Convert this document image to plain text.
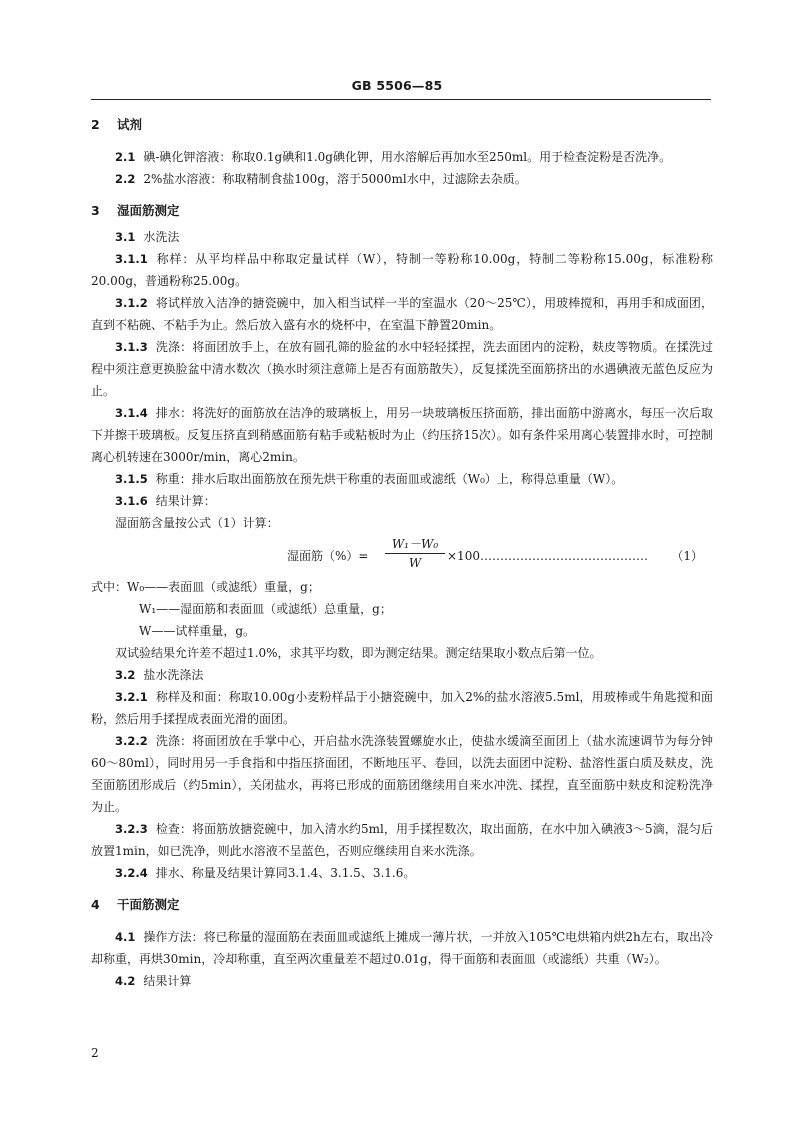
GB 5506—85

2 试剂

2.1 碘-碘化钾溶液：称取0.1g碘和1.0g碘化钾，用水溶解后再加水至250ml。用于检查淀粉是否洗净。

2.2 2%盐水溶液：称取精制食盐100g，溶于5000ml水中，过滤除去杂质。

3 湿面筋测定

3.1 水洗法

3.1.1 称样：从平均样品中称取定量试样（W），特制一等粉称10.00g，特制二等粉称15.00g，标准粉称20.00g，普通粉称25.00g。

3.1.2 将试样放入洁净的搪瓷碗中，加入相当试样一半的室温水（20～25℃），用玻棒搅和，再用手和成面团，直到不粘碗、不粘手为止。然后放入盛有水的烧杯中，在室温下静置20min。

3.1.3 洗涤：将面团放手上，在放有圆孔筛的脸盆的水中轻轻揉捏，洗去面团内的淀粉，麸皮等物质。在揉洗过程中须注意更换脸盆中清水数次（换水时须注意筛上是否有面筋散失），反复揉洗至面筋挤出的水遇碘液无蓝色反应为止。

3.1.4 排水：将洗好的面筋放在洁净的玻璃板上，用另一块玻璃板压挤面筋，排出面筋中游离水，每压一次后取下并擦干玻璃板。反复压挤直到稍感面筋有粘手或粘板时为止（约压挤15次）。如有条件采用离心装置排水时，可控制离心机转速在3000r/min，离心2min。

3.1.5 称重：排水后取出面筋放在预先烘干称重的表面皿或滤纸（W₀）上，称得总重量（W）。

3.1.6 结果计算：

湿面筋含量按公式（1）计算：

湿面筋（%）=
W₁－W₀
W	×100…………………………………… （1）

式中：W₀——表面皿（或滤纸）重量，g；

W₁——湿面筋和表面皿（或滤纸）总重量，g；

W——试样重量，g。

双试验结果允许差不超过1.0%，求其平均数，即为测定结果。测定结果取小数点后第一位。

3.2 盐水洗涤法

3.2.1 称样及和面：称取10.00g小麦粉样品于小搪瓷碗中，加入2%的盐水溶液5.5ml，用玻棒或牛角匙搅和面粉，然后用手揉捏成表面光滑的面团。

3.2.2 洗涤：将面团放在手掌中心，开启盐水洗涤装置螺旋水止，使盐水缓滴至面团上（盐水流速调节为每分钟60～80ml），同时用另一手食指和中指压挤面团，不断地压平、卷回，以洗去面团中淀粉、盐溶性蛋白质及麸皮，洗至面筋团形成后（约5min），关闭盐水，再将已形成的面筋团继续用自来水冲洗、揉捏，直至面筋中麸皮和淀粉洗净为止。

3.2.3 检查：将面筋放搪瓷碗中，加入清水约5ml，用手揉捏数次，取出面筋，在水中加入碘液3～5滴，混匀后放置1min，如已洗净，则此水溶液不呈蓝色，否则应继续用自来水洗涤。

3.2.4 排水、称量及结果计算同3.1.4、3.1.5、3.1.6。

4 干面筋测定

4.1 操作方法：将已称量的湿面筋在表面皿或滤纸上摊成一薄片状，一并放入105℃电烘箱内烘2h左右，取出冷却称重，再烘30min，冷却称重，直至两次重量差不超过0.01g，得干面筋和表面皿（或滤纸）共重（W₂）。

4.2 结果计算

2
